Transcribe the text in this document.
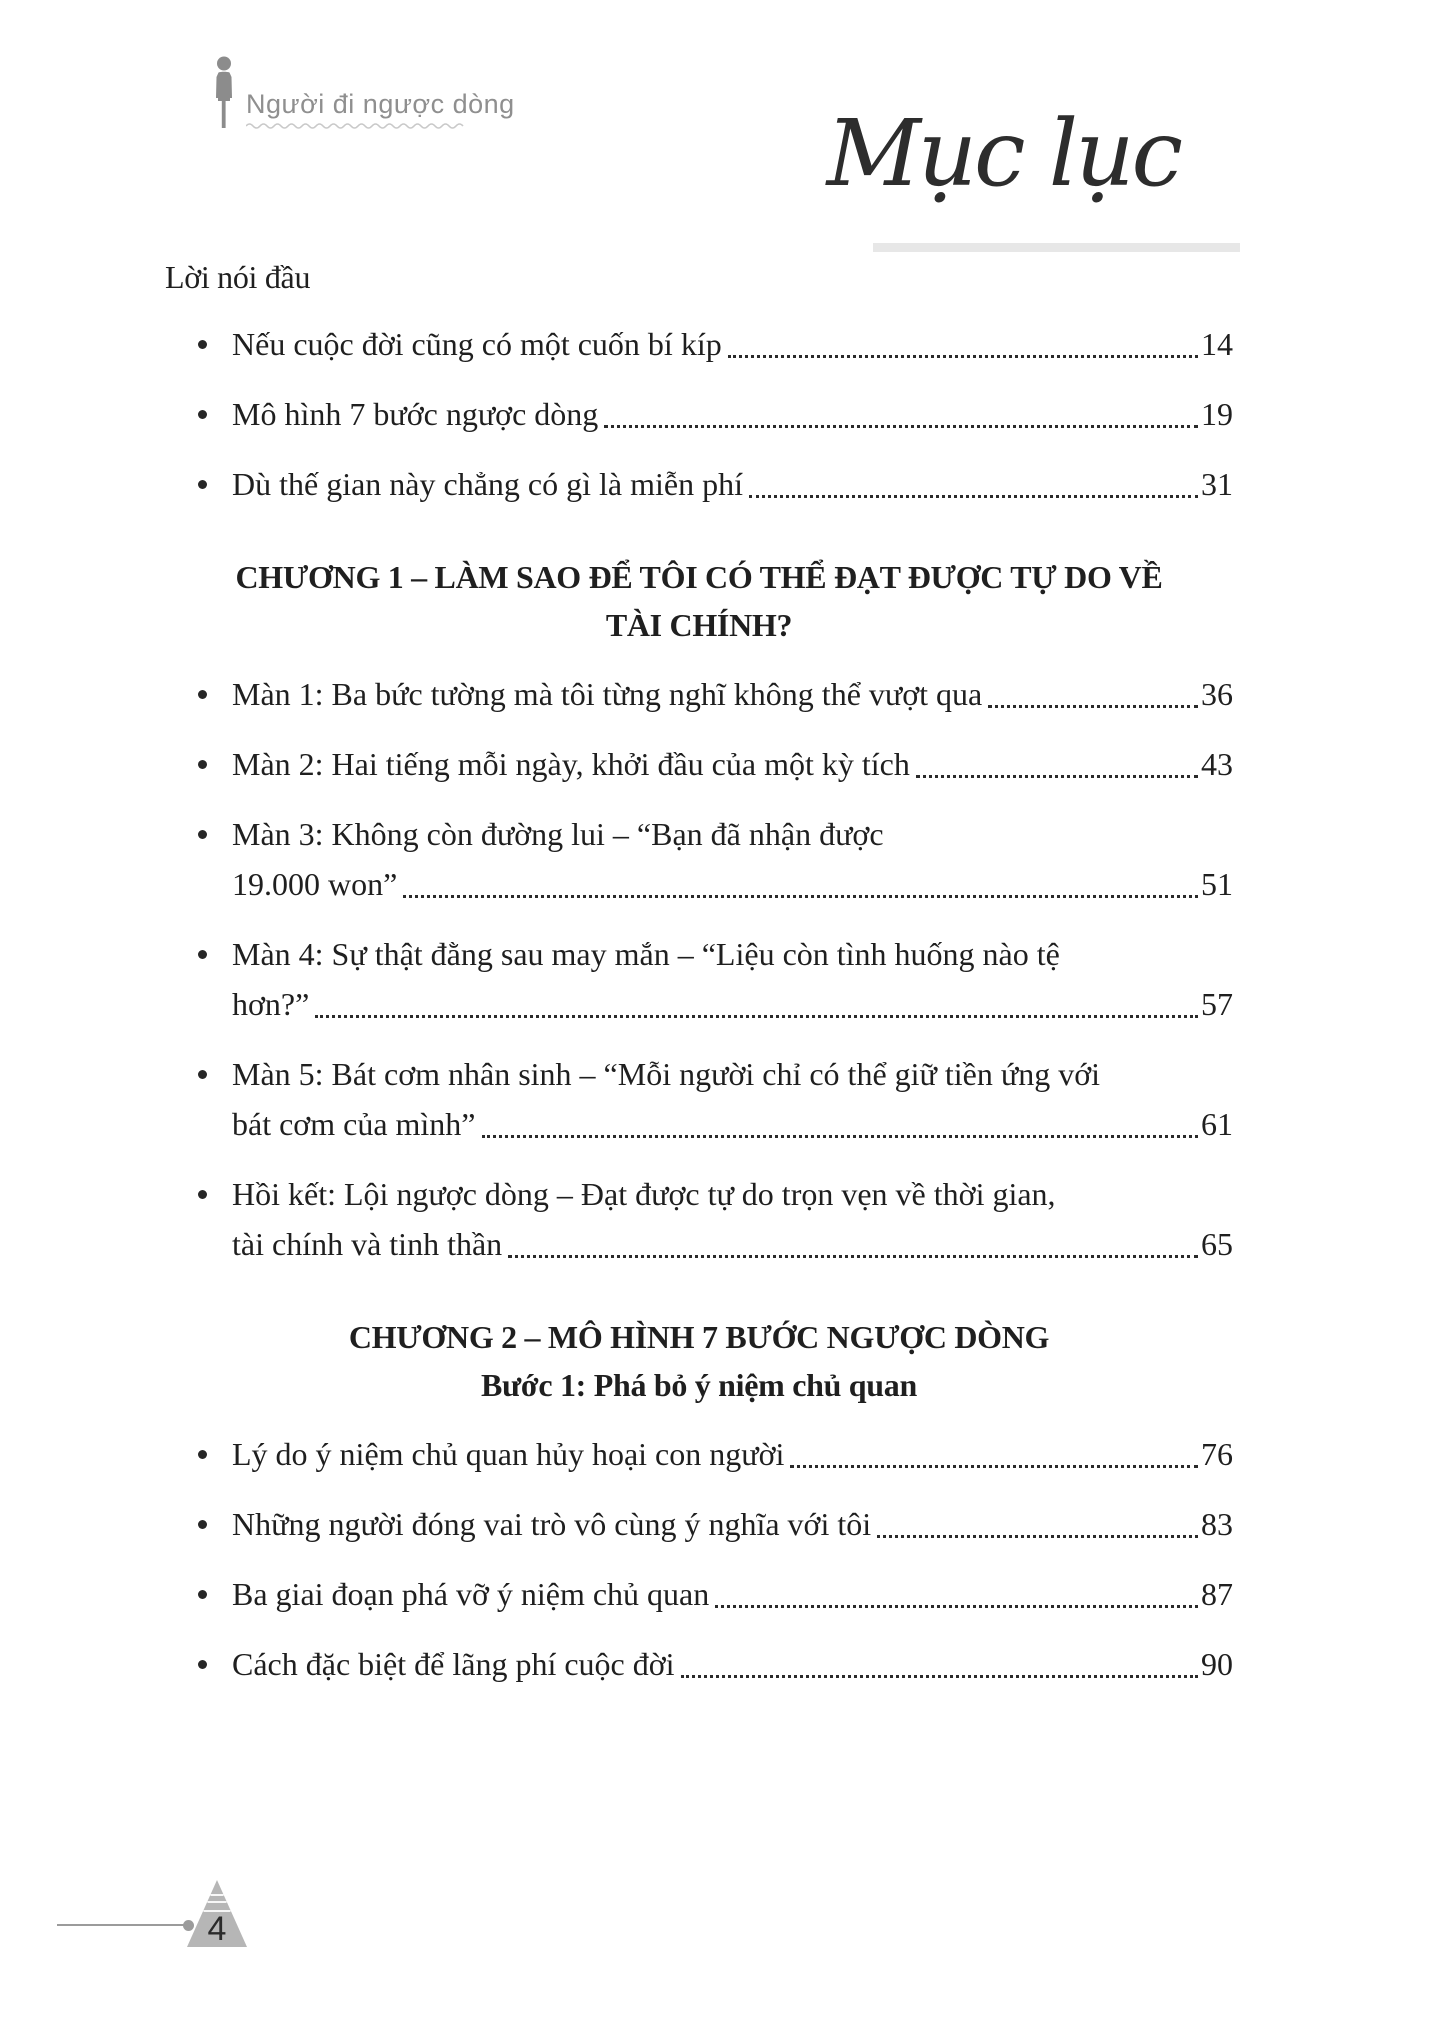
Người đi ngược dòng	Mục lục
Lời nói đầu
Nếu cuộc đời cũng có một cuốn bí kíp	14
Mô hình 7 bước ngược dòng	19
Dù thế gian này chẳng có gì là miễn phí	31
CHƯƠNG 1 – LÀM SAO ĐỂ TÔI CÓ THỂ ĐẠT ĐƯỢC TỰ DO VỀ
TÀI CHÍNH?
Màn 1: Ba bức tường mà tôi từng nghĩ không thể vượt qua	36
Màn 2: Hai tiếng mỗi ngày, khởi đầu của một kỳ tích	43
Màn 3: Không còn đường lui – “Bạn đã nhận được
19.000 won”	51
Màn 4: Sự thật đằng sau may mắn – “Liệu còn tình huống nào tệ
hơn?”	57
Màn 5: Bát cơm nhân sinh – “Mỗi người chỉ có thể giữ tiền ứng với
bát cơm của mình”	61
Hồi kết: Lội ngược dòng – Đạt được tự do trọn vẹn về thời gian,
tài chính và tinh thần	65
CHƯƠNG 2 – MÔ HÌNH 7 BƯỚC NGƯỢC DÒNG
Bước 1: Phá bỏ ý niệm chủ quan
Lý do ý niệm chủ quan hủy hoại con người	76
Những người đóng vai trò vô cùng ý nghĩa với tôi	83
Ba giai đoạn phá vỡ ý niệm chủ quan	87
Cách đặc biệt để lãng phí cuộc đời	90
4
